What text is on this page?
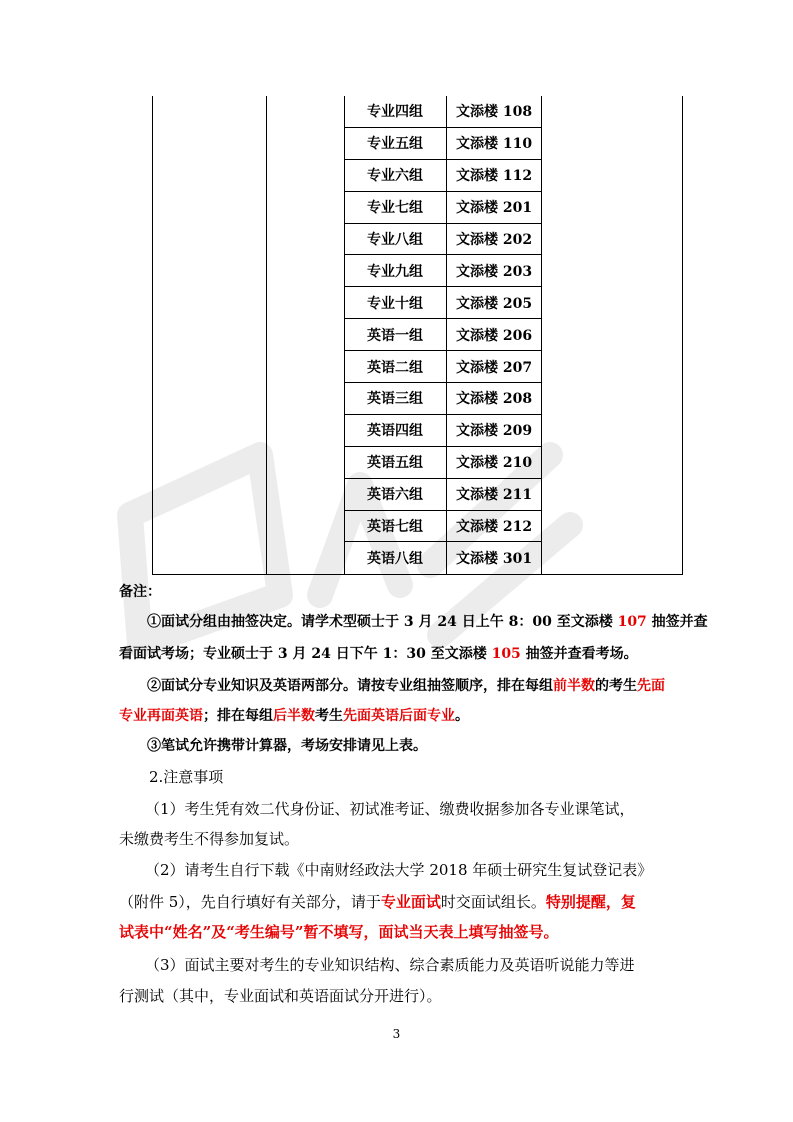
专业四组	文添楼 108
专业五组	文添楼 110
专业六组	文添楼 112
专业七组	文添楼 201
专业八组	文添楼 202
专业九组	文添楼 203
专业十组	文添楼 205
英语一组	文添楼 206
英语二组	文添楼 207
英语三组	文添楼 208
英语四组	文添楼 209
英语五组	文添楼 210
英语六组	文添楼 211
英语七组	文添楼 212
英语八组	文添楼 301
备注：
①面试分组由抽签决定。请学术型硕士于 3 月 24 日上午 8：00 至文添楼 107 抽签并查
看面试考场；专业硕士于 3 月 24 日下午 1：30 至文添楼 105 抽签并查看考场。
②面试分专业知识及英语两部分。请按专业组抽签顺序，排在每组前半数的考生先面
专业再面英语；排在每组后半数考生先面英语后面专业。
③笔试允许携带计算器，考场安排请见上表。
2.注意事项
（1）考生凭有效二代身份证、初试准考证、缴费收据参加各专业课笔试，
未缴费考生不得参加复试。
（2）请考生自行下载《中南财经政法大学 2018 年硕士研究生复试登记表》
（附件 5），先自行填好有关部分，请于专业面试时交面试组长。特别提醒，复
试表中“姓名”及“考生编号”暂不填写，面试当天表上填写抽签号。
（3）面试主要对考生的专业知识结构、综合素质能力及英语听说能力等进
行测试（其中，专业面试和英语面试分开进行）。
3
